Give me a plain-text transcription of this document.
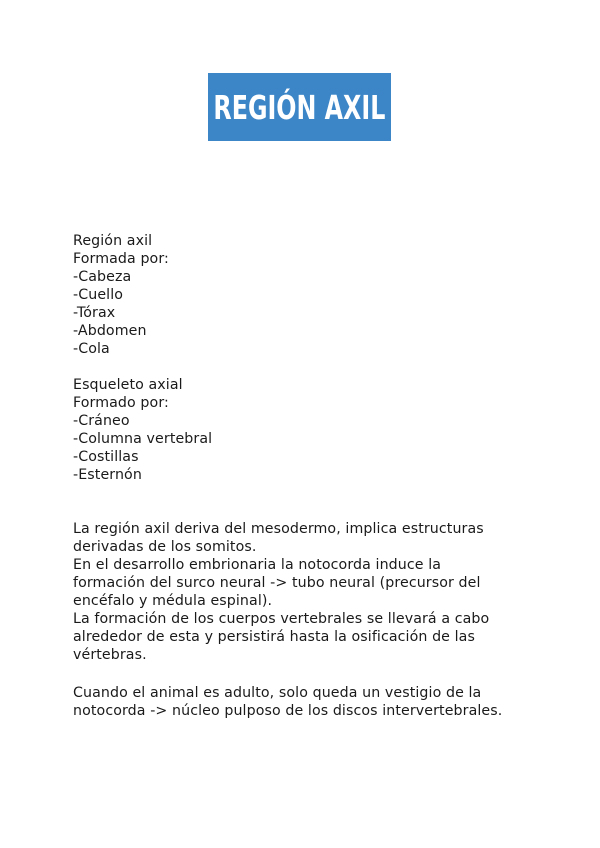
REGIÓN AXIL
Región axil
Formada por:
-Cabeza
-Cuello
-Tórax
-Abdomen
-Cola
Esqueleto axial
Formado por:
-Cráneo
-Columna vertebral
-Costillas
-Esternón
La región axil deriva del mesodermo, implica estructuras
derivadas de los somitos.
En el desarrollo embrionaria la notocorda induce la
formación del surco neural -> tubo neural (precursor del
encéfalo y médula espinal).
La formación de los cuerpos vertebrales se llevará a cabo
alrededor de esta y persistirá hasta la osificación de las
vértebras.
Cuando el animal es adulto, solo queda un vestigio de la
notocorda -> núcleo pulposo de los discos intervertebrales.
